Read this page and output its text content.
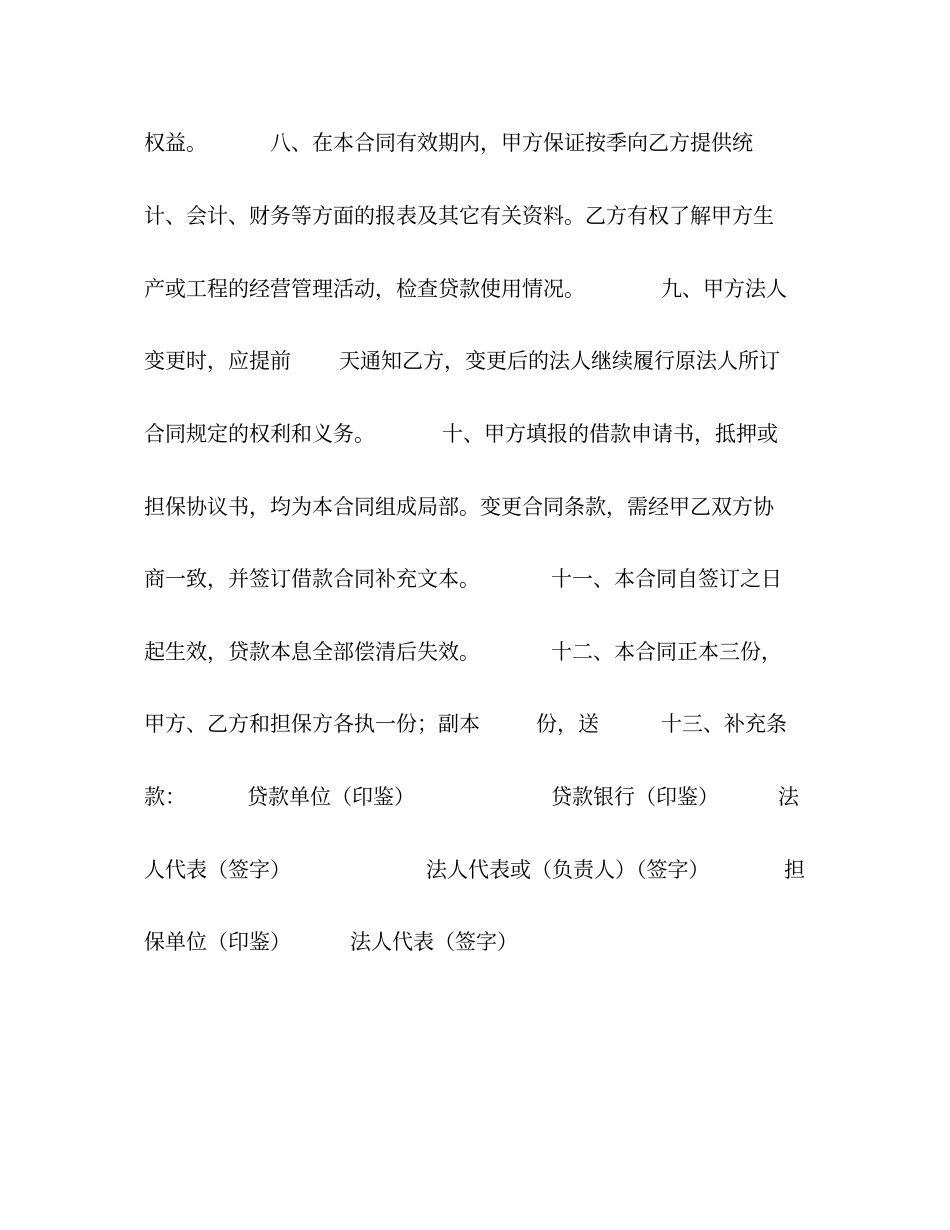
权益。

	八、在本合同有效期内，甲方保证按季向乙方提供统

计、会计、财务等方面的报表及其它有关资料。乙方有权了解甲方生

产或工程的经营管理活动，检查贷款使用情况。

	九、甲方法人

变更时，应提前

天通知乙方，变更后的法人继续履行原法人所订

合同规定的权利和义务。

	十、甲方填报的借款申请书，抵押或

担保协议书，均为本合同组成局部。变更合同条款，需经甲乙双方协

商一致，并签订借款合同补充文本。

	十一、本合同自签订之日

起生效，贷款本息全部偿清后失效。

	十二、本合同正本三份，

甲方、乙方和担保方各执一份；副本

	份，送

	十三、补充条

款：

	贷款单位（印鉴）

	贷款银行（印鉴）

	法

人代表（签字）

	法人代表或（负责人）（签字）

	担

保单位（印鉴）

	法人代表（签字）
